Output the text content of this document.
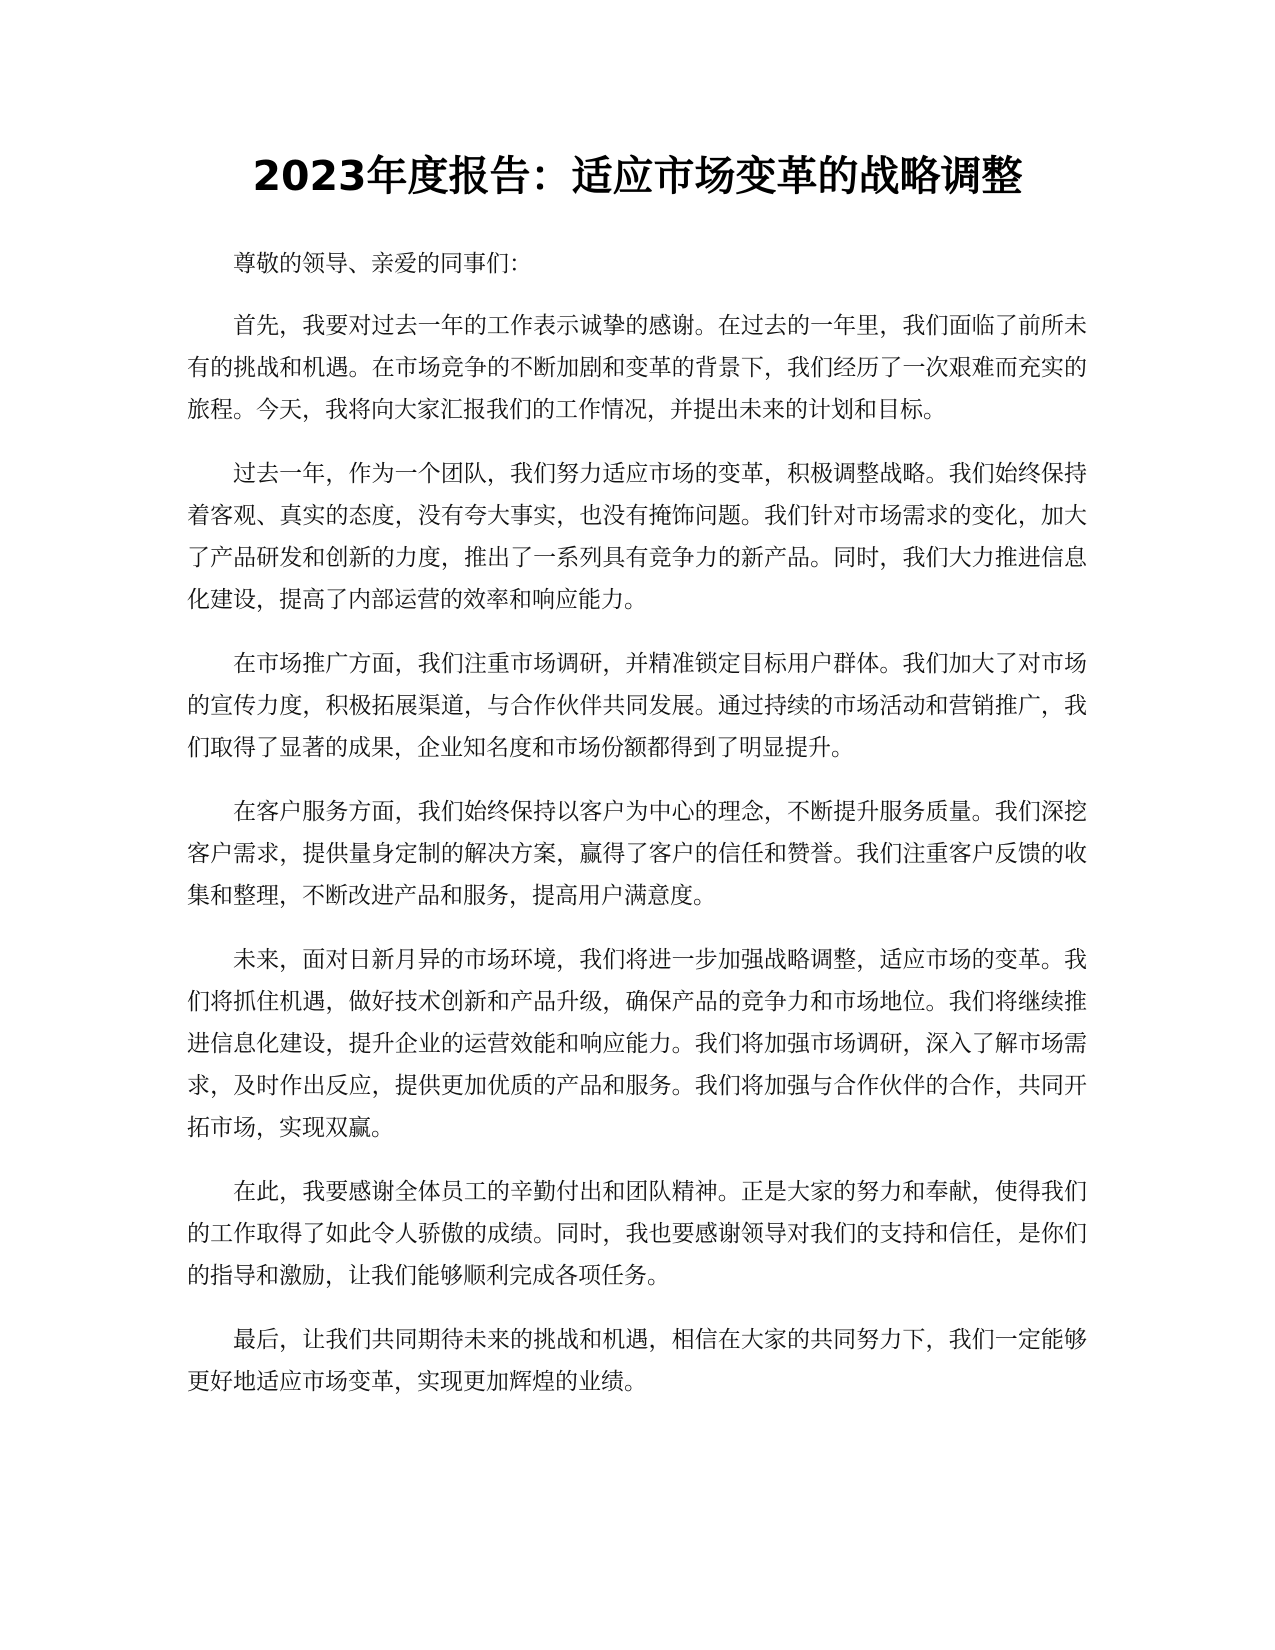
2023年度报告：适应市场变革的战略调整

尊敬的领导、亲爱的同事们：

首先，我要对过去一年的工作表示诚挚的感谢。在过去的一年里，我们面临了前所未有的挑战和机遇。在市场竞争的不断加剧和变革的背景下，我们经历了一次艰难而充实的旅程。今天，我将向大家汇报我们的工作情况，并提出未来的计划和目标。

过去一年，作为一个团队，我们努力适应市场的变革，积极调整战略。我们始终保持着客观、真实的态度，没有夸大事实，也没有掩饰问题。我们针对市场需求的变化，加大了产品研发和创新的力度，推出了一系列具有竞争力的新产品。同时，我们大力推进信息化建设，提高了内部运营的效率和响应能力。

在市场推广方面，我们注重市场调研，并精准锁定目标用户群体。我们加大了对市场的宣传力度，积极拓展渠道，与合作伙伴共同发展。通过持续的市场活动和营销推广，我们取得了显著的成果，企业知名度和市场份额都得到了明显提升。

在客户服务方面，我们始终保持以客户为中心的理念，不断提升服务质量。我们深挖客户需求，提供量身定制的解决方案，赢得了客户的信任和赞誉。我们注重客户反馈的收集和整理，不断改进产品和服务，提高用户满意度。

未来，面对日新月异的市场环境，我们将进一步加强战略调整，适应市场的变革。我们将抓住机遇，做好技术创新和产品升级，确保产品的竞争力和市场地位。我们将继续推进信息化建设，提升企业的运营效能和响应能力。我们将加强市场调研，深入了解市场需求，及时作出反应，提供更加优质的产品和服务。我们将加强与合作伙伴的合作，共同开拓市场，实现双赢。

在此，我要感谢全体员工的辛勤付出和团队精神。正是大家的努力和奉献，使得我们的工作取得了如此令人骄傲的成绩。同时，我也要感谢领导对我们的支持和信任，是你们的指导和激励，让我们能够顺利完成各项任务。

最后，让我们共同期待未来的挑战和机遇，相信在大家的共同努力下，我们一定能够更好地适应市场变革，实现更加辉煌的业绩。
